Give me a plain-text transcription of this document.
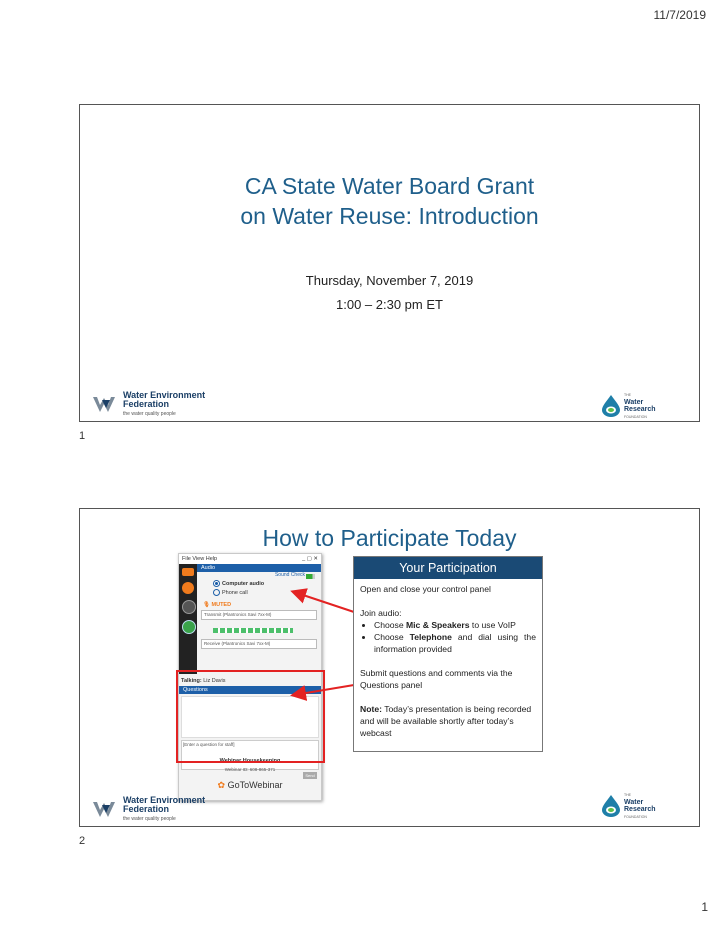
11/7/2019
CA State Water Board Grant
on Water Reuse: Introduction
Thursday, November 7, 2019
1:00 – 2:30 pm ET
Water Environment
Federation
the water quality people
THE
Water
Research
FOUNDATION
1
How to Participate Today
File View Help	_ ▢ ✕
Audio
Sound Check
Computer audio
Phone call
🎙 MUTED
Transmit (Plantronics Savi 7xx-M)
Receive (Plantronics Savi 7xx-M)
Talking: Liz Davis
Questions
[Enter a question for staff]
Send
Webinar Housekeeping
Webinar ID: 608-865-371
✿ GoToWebinar
Your Participation

Open and close your control panel

Join audio:

• Choose Mic & Speakers to use VoIP
• Choose Telephone and dial using the information provided

Submit questions and comments via the Questions panel

Note: Today’s presentation is being recorded and will be available shortly after today’s webcast

Water Environment
Federation
the water quality people
THE
Water
Research
FOUNDATION
2
1
